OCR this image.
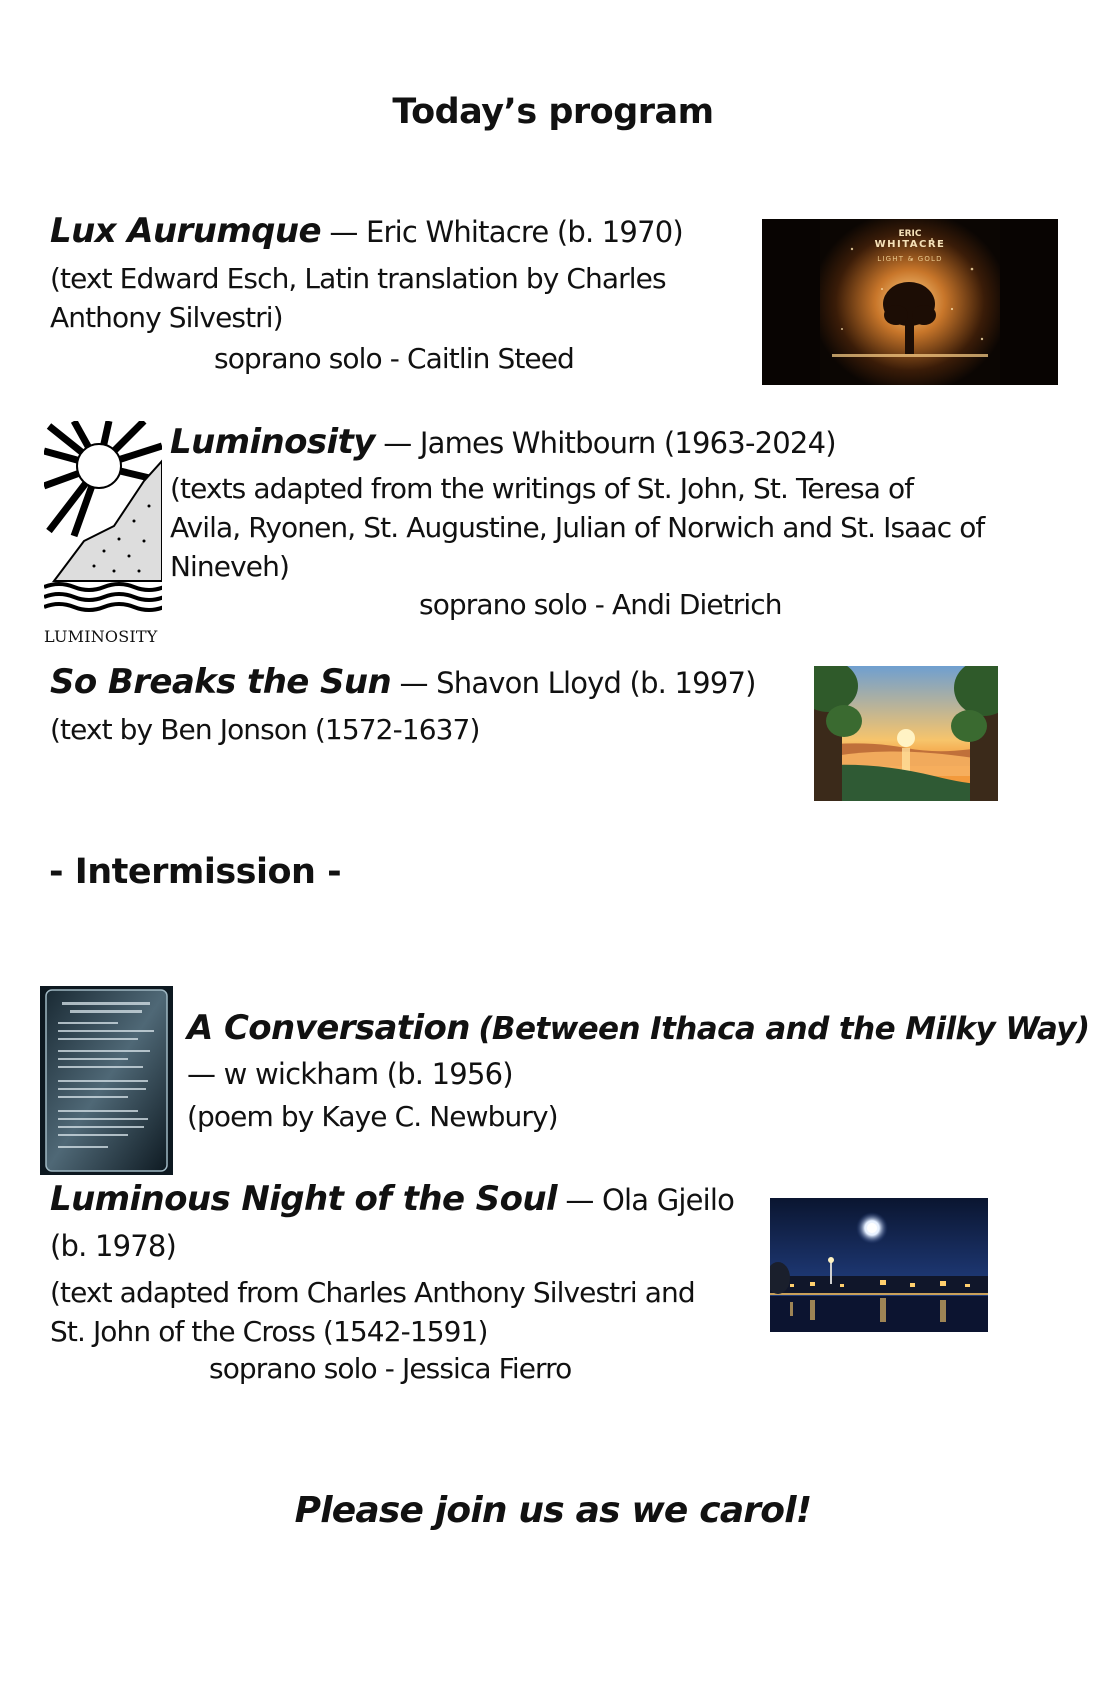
Today’s program
Lux Aurumque — Eric Whitacre (b. 1970)
(text Edward Esch, Latin translation by Charles
Anthony Silvestri)
soprano solo - Caitlin Steed
ERIC
WHITACRE
LIGHT & GOLD
LUMINOSITY
Luminosity — James Whitbourn (1963-2024)
(texts adapted from the writings of St. John, St. Teresa of
Avila, Ryonen, St. Augustine, Julian of Norwich and St. Isaac of
Nineveh)
soprano solo - Andi Dietrich
So Breaks the Sun — Shavon Lloyd (b. 1997)
(text by Ben Jonson (1572-1637)
- Intermission -
A Conversation (Between Ithaca and the Milky Way)
— w wickham (b. 1956)
(poem by Kaye C. Newbury)
Luminous Night of the Soul — Ola Gjeilo
(b. 1978)
(text adapted from Charles Anthony Silvestri and
St. John of the Cross (1542-1591)
soprano solo - Jessica Fierro
Please join us as we carol!
